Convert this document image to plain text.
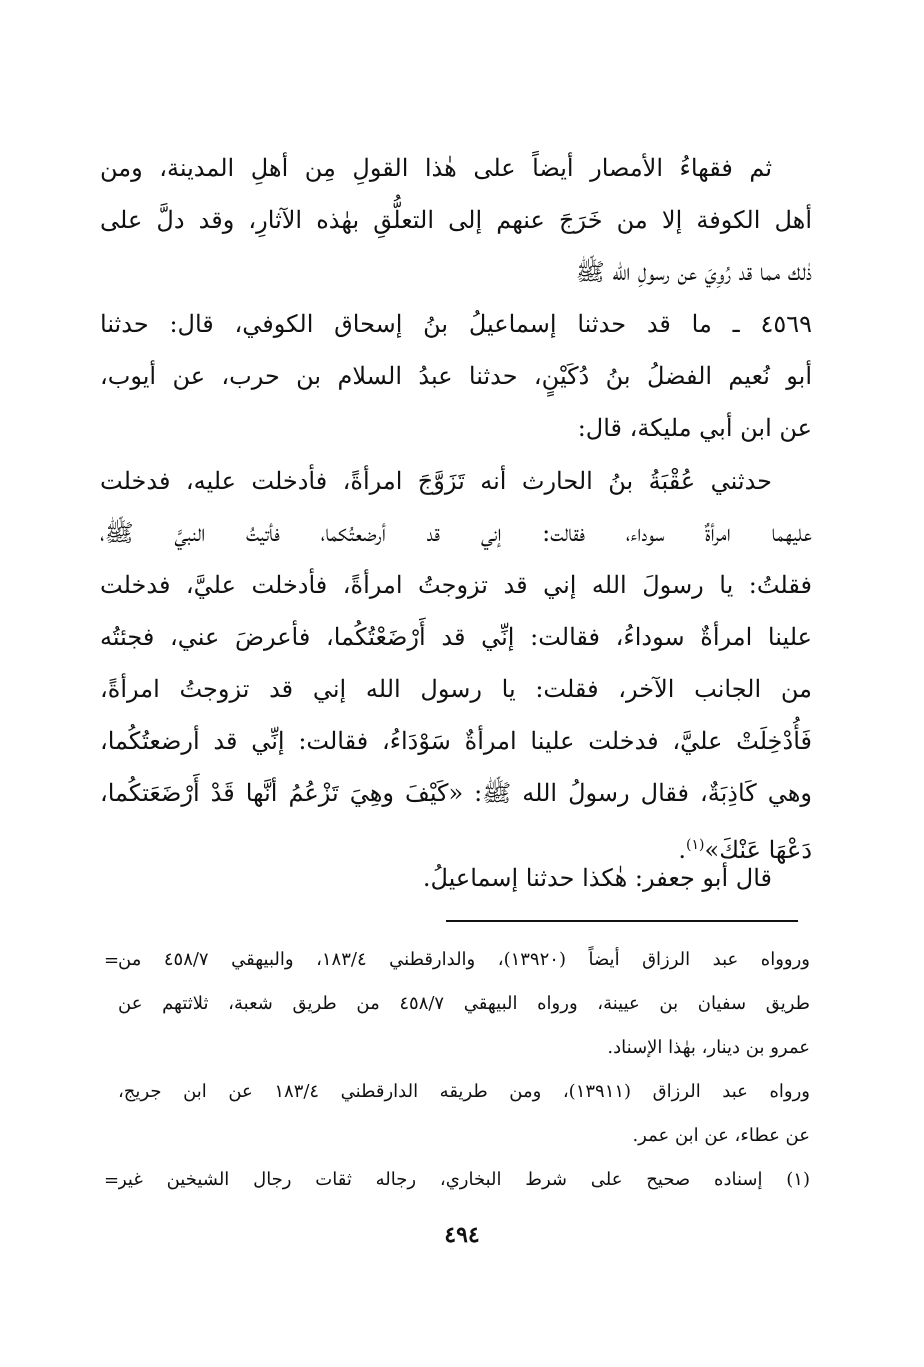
ثم فقهاءُ الأمصار أيضاً على هٰذا القولِ مِن أهلِ المدينة، ومن
أهل الكوفة إلا من خَرَجَ عنهم إلى التعلُّقِ بهٰذه الآثارِ، وقد دلَّ على
ذٰلك مما قد رُوِيَ عن رسولِ الله ﷺ
٤٥٦٩ ـ ما قد حدثنا إسماعيلُ بنُ إسحاق الكوفي، قال: حدثنا
أبو نُعيم الفضلُ بنُ دُكَيْنٍ، حدثنا عبدُ السلام بن حرب، عن أيوب،
عن ابن أبي مليكة، قال:
حدثني عُقْبَةُ بنُ الحارث أنه تَزَوَّجَ امرأةً، فأدخلت عليه، فدخلت
عليهما امرأةٌ سوداء، فقالت: إني قد أرضعتُكما، فأتيتُ النبيَّ ﷺ،
فقلتُ: يا رسولَ الله إني قد تزوجتُ امرأةً، فأدخلت عليَّ، فدخلت
علينا امرأةٌ سوداءُ، فقالت: إنِّي قد أَرْضَعْتُكُما، فأعرضَ عني، فجئتُه
من الجانب الآخر، فقلت: يا رسول الله إني قد تزوجتُ امرأةً،
فَأُدْخِلَتْ عليَّ، فدخلت علينا امرأةٌ سَوْدَاءُ، فقالت: إنِّي قد أرضعتُكُما،
وهي كَاذِبَةٌ، فقال رسولُ الله ﷺ: «كَيْفَ وهِيَ تَزْعُمُ أنَّها قَدْ أَرْضَعَتكُما،
دَعْهَا عَنْكَ»$^{(١)}$.
قال أبو جعفر: هٰكذا حدثنا إسماعيلُ.
وروواه عبد الرزاق أيضاً (١٣٩٢٠)، والدارقطني ١٨٣/٤، والبيهقي ٤٥٨/٧ من
طريق سفيان بن عيينة، ورواه البيهقي ٤٥٨/٧ من طريق شعبة، ثلاثتهم عن
عمرو بن دينار، بهٰذا الإسناد.
ورواه عبد الرزاق (١٣٩١١)، ومن طريقه الدارقطني ١٨٣/٤ عن ابن جريج،
عن عطاء، عن ابن عمر.
(١) إسناده صحيح على شرط البخاري، رجاله ثقات رجال الشيخين غير
=
=
٤٩٤
